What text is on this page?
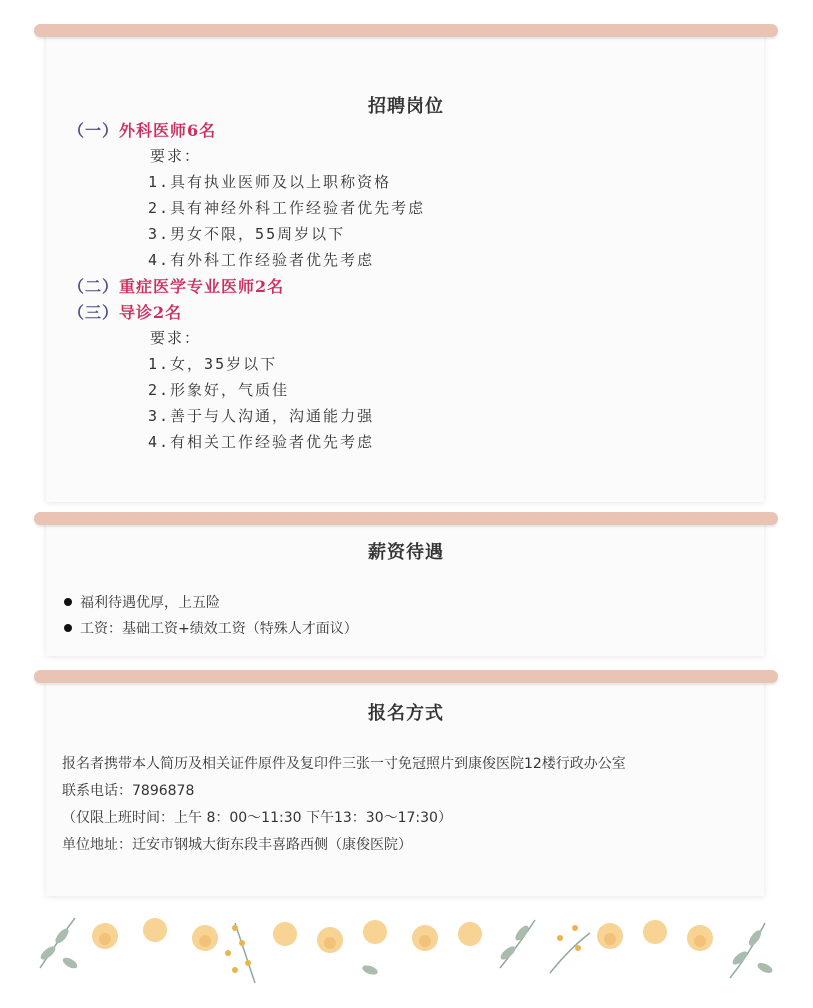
招聘岗位
（一）外科医师6名
要求：
1.具有执业医师及以上职称资格
2.具有神经外科工作经验者优先考虑
3.男女不限，55周岁以下
4.有外科工作经验者优先考虑
（二）重症医学专业医师2名
（三）导诊2名
要求：
1.女，35岁以下
2.形象好，气质佳
3.善于与人沟通，沟通能力强
4.有相关工作经验者优先考虑
薪资待遇
福利待遇优厚，上五险
工资：基础工资+绩效工资（特殊人才面议）
报名方式
报名者携带本人简历及相关证件原件及复印件三张一寸免冠照片到康俊医院12楼行政办公室
联系电话：7896878
（仅限上班时间：上午 8：00～11:30 下午13：30～17:30）
单位地址：迁安市钢城大街东段丰喜路西侧（康俊医院）
